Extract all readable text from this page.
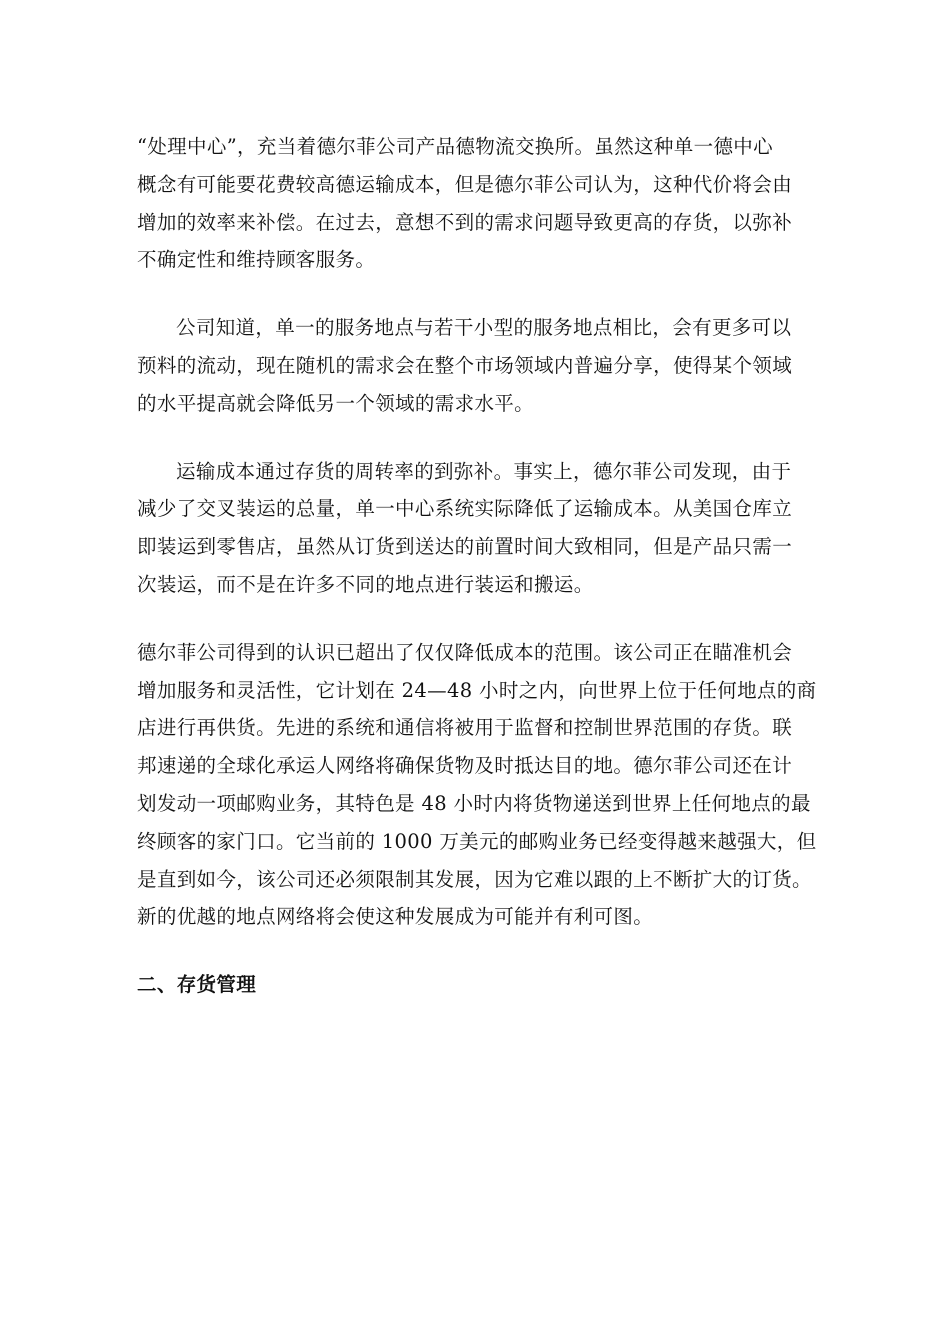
“处理中心”，充当着德尔菲公司产品德物流交换所。虽然这种单一德中心
概念有可能要花费较高德运输成本，但是德尔菲公司认为，这种代价将会由
增加的效率来补偿。在过去，意想不到的需求问题导致更高的存货，以弥补
不确定性和维持顾客服务。

公司知道，单一的服务地点与若干小型的服务地点相比，会有更多可以
预料的流动，现在随机的需求会在整个市场领域内普遍分享，使得某个领域
的水平提高就会降低另一个领域的需求水平。

运输成本通过存货的周转率的到弥补。事实上，德尔菲公司发现，由于
减少了交叉装运的总量，单一中心系统实际降低了运输成本。从美国仓库立
即装运到零售店，虽然从订货到送达的前置时间大致相同，但是产品只需一
次装运，而不是在许多不同的地点进行装运和搬运。

德尔菲公司得到的认识已超出了仅仅降低成本的范围。该公司正在瞄准机会
增加服务和灵活性，它计划在 24—48 小时之内，向世界上位于任何地点的商
店进行再供货。先进的系统和通信将被用于监督和控制世界范围的存货。联
邦速递的全球化承运人网络将确保货物及时抵达目的地。德尔菲公司还在计
划发动一项邮购业务，其特色是 48 小时内将货物递送到世界上任何地点的最
终顾客的家门口。它当前的 1000 万美元的邮购业务已经变得越来越强大，但
是直到如今，该公司还必须限制其发展，因为它难以跟的上不断扩大的订货。
新的优越的地点网络将会使这种发展成为可能并有利可图。

二、存货管理
